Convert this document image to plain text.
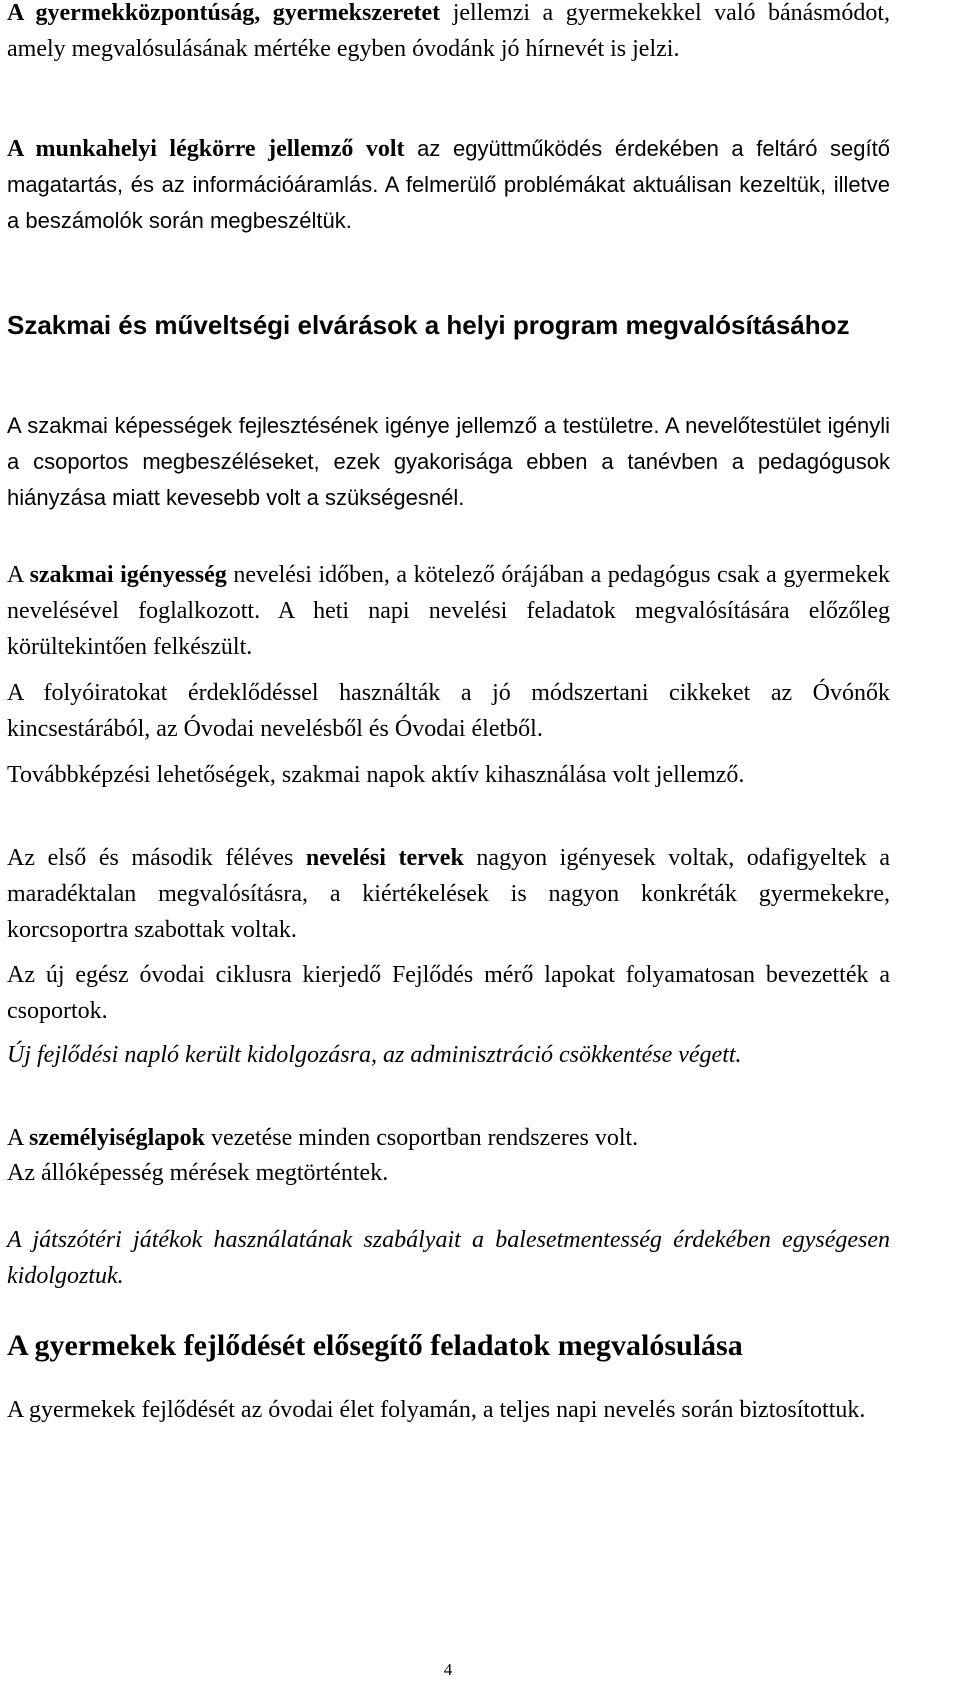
A gyermekközpontúság, gyermekszeretet jellemzi a gyermekekkel való bánásmódot, amely megvalósulásának mértéke egyben óvodánk jó hírnevét is jelzi.

A munkahelyi légkörre jellemző volt az együttműködés érdekében a feltáró segítő magatartás, és az információáramlás. A felmerülő problémákat aktuálisan kezeltük, illetve a beszámolók során megbeszéltük.

Szakmai és műveltségi elvárások a helyi program megvalósításához

A szakmai képességek fejlesztésének igénye jellemző a testületre. A nevelőtestület igényli a csoportos megbeszéléseket, ezek gyakorisága ebben a tanévben a pedagógusok hiányzása miatt kevesebb volt a szükségesnél.

A szakmai igényesség nevelési időben, a kötelező órájában a pedagógus csak a gyermekek nevelésével foglalkozott. A heti napi nevelési feladatok megvalósítására előzőleg körültekintően felkészült.

A folyóiratokat érdeklődéssel használták a jó módszertani cikkeket az Óvónők kincsestárából, az Óvodai nevelésből és Óvodai életből.

Továbbképzési lehetőségek, szakmai napok aktív kihasználása volt jellemző.

Az első és második féléves nevelési tervek nagyon igényesek voltak, odafigyeltek a maradéktalan megvalósításra, a kiértékelések is nagyon konkréták gyermekekre, korcsoportra szabottak voltak.

Az új egész óvodai ciklusra kierjedő Fejlődés mérő lapokat folyamatosan bevezették a csoportok.

Új fejlődési napló került kidolgozásra, az adminisztráció csökkentése végett.

A személyiséglapok vezetése minden csoportban rendszeres volt.

Az állóképesség mérések megtörténtek.

A játszótéri játékok használatának szabályait a balesetmentesség érdekében egységesen kidolgoztuk.

A gyermekek fejlődését elősegítő feladatok megvalósulása

A gyermekek fejlődését az óvodai élet folyamán, a teljes napi nevelés során biztosítottuk.

4
